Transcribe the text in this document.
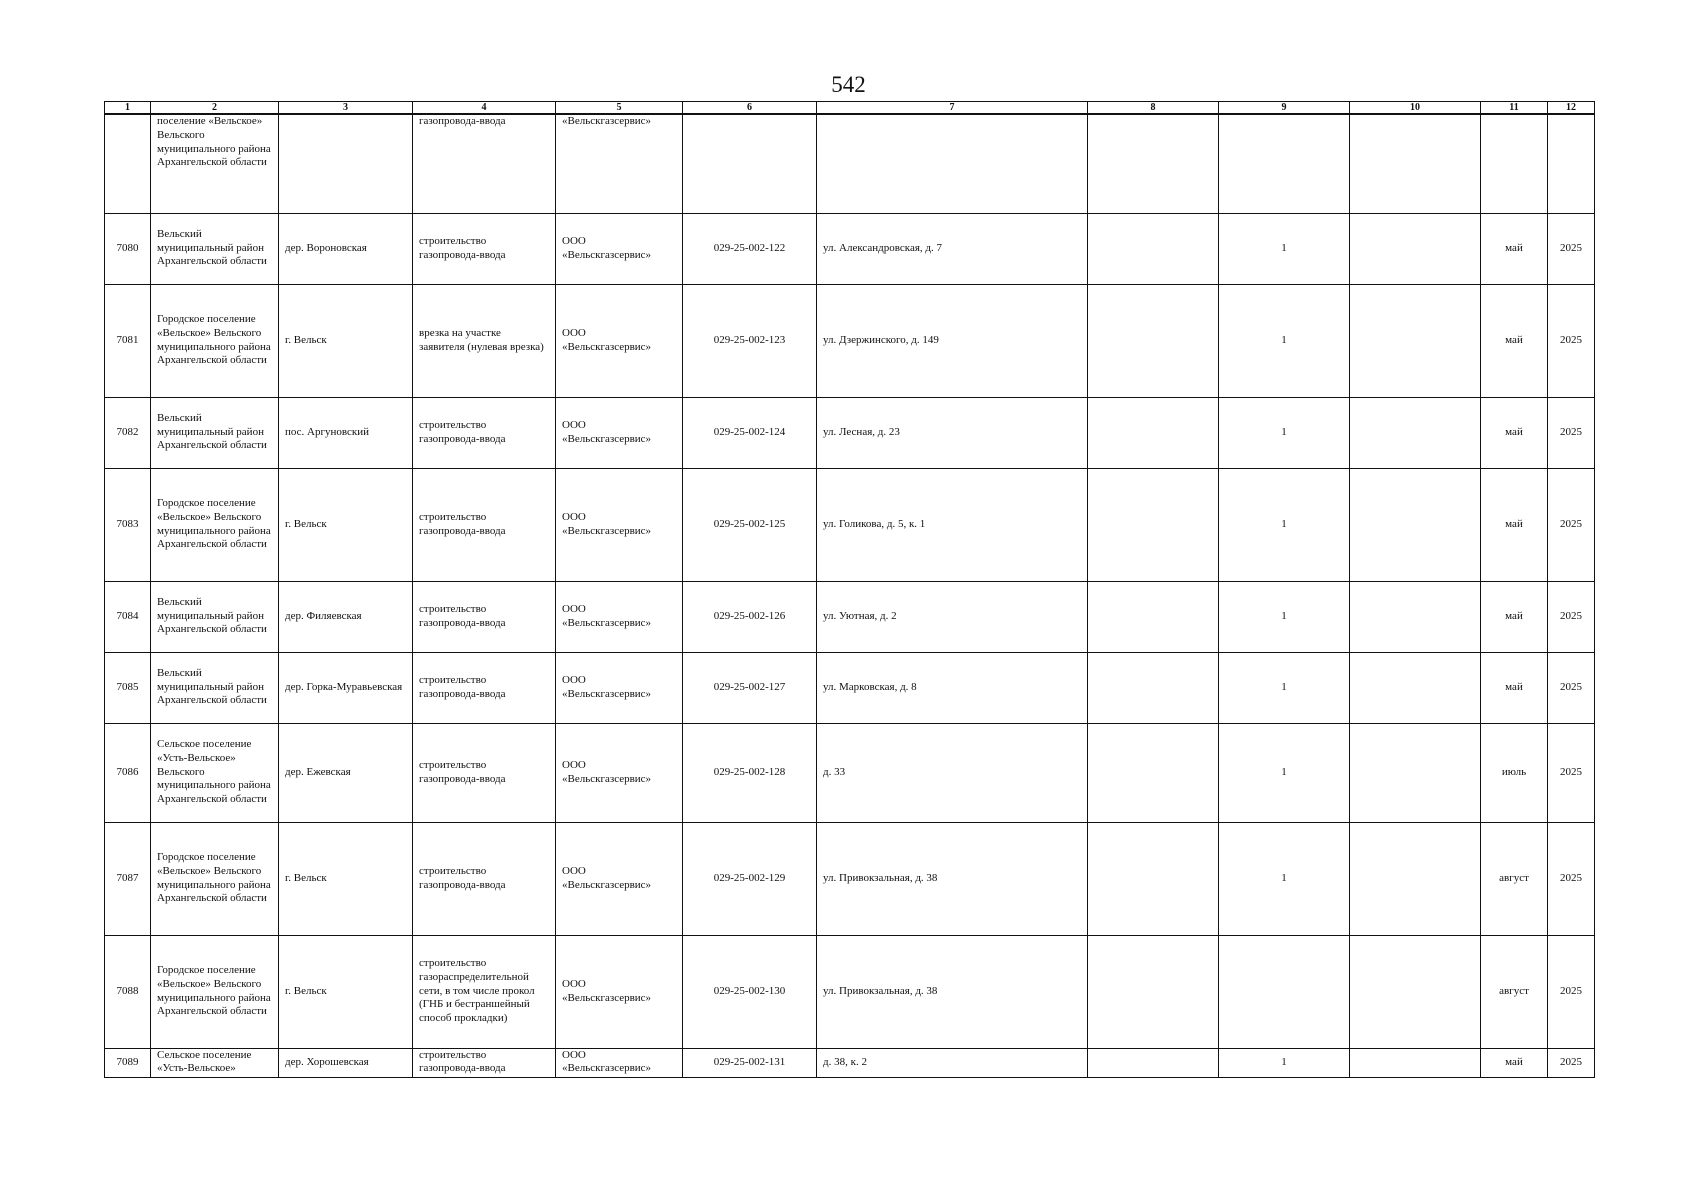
542
1	2	3	4	5	6	7	8	9	10	11	12
	поселение «Вельское» Вельского муниципального района Архангельской области		газопровода-ввода	«Вельскгазсервис»							
7080	Вельский муниципальный район Архангельской области	дер. Вороновская	строительство газопровода-ввода	ООО «Вельскгазсервис»	029-25-002-122	ул. Александровская, д. 7		1		май	2025
7081	Городское поселение «Вельское» Вельского муниципального района Архангельской области	г. Вельск	врезка на участке заявителя (нулевая врезка)	ООО «Вельскгазсервис»	029-25-002-123	ул. Дзержинского, д. 149		1		май	2025
7082	Вельский муниципальный район Архангельской области	пос. Аргуновский	строительство газопровода-ввода	ООО «Вельскгазсервис»	029-25-002-124	ул. Лесная, д. 23		1		май	2025
7083	Городское поселение «Вельское» Вельского муниципального района Архангельской области	г. Вельск	строительство газопровода-ввода	ООО «Вельскгазсервис»	029-25-002-125	ул. Голикова, д. 5, к. 1		1		май	2025
7084	Вельский муниципальный район Архангельской области	дер. Филяевская	строительство газопровода-ввода	ООО «Вельскгазсервис»	029-25-002-126	ул. Уютная, д. 2		1		май	2025
7085	Вельский муниципальный район Архангельской области	дер. Горка-Муравьевская	строительство газопровода-ввода	ООО «Вельскгазсервис»	029-25-002-127	ул. Марковская, д. 8		1		май	2025
7086	Сельское поселение «Усть-Вельское» Вельского муниципального района Архангельской области	дер. Ежевская	строительство газопровода-ввода	ООО «Вельскгазсервис»	029-25-002-128	д. 33		1		июль	2025
7087	Городское поселение «Вельское» Вельского муниципального района Архангельской области	г. Вельск	строительство газопровода-ввода	ООО «Вельскгазсервис»	029-25-002-129	ул. Привокзальная, д. 38		1		август	2025
7088	Городское поселение «Вельское» Вельского муниципального района Архангельской области	г. Вельск	строительство газораспределительной сети, в том числе прокол (ГНБ и бестраншейный способ прокладки)	ООО «Вельскгазсервис»	029-25-002-130	ул. Привокзальная, д. 38				август	2025
7089	Сельское поселение «Усть-Вельское»	дер. Хорошевская	строительство газопровода-ввода	ООО «Вельскгазсервис»	029-25-002-131	д. 38, к. 2		1		май	2025
